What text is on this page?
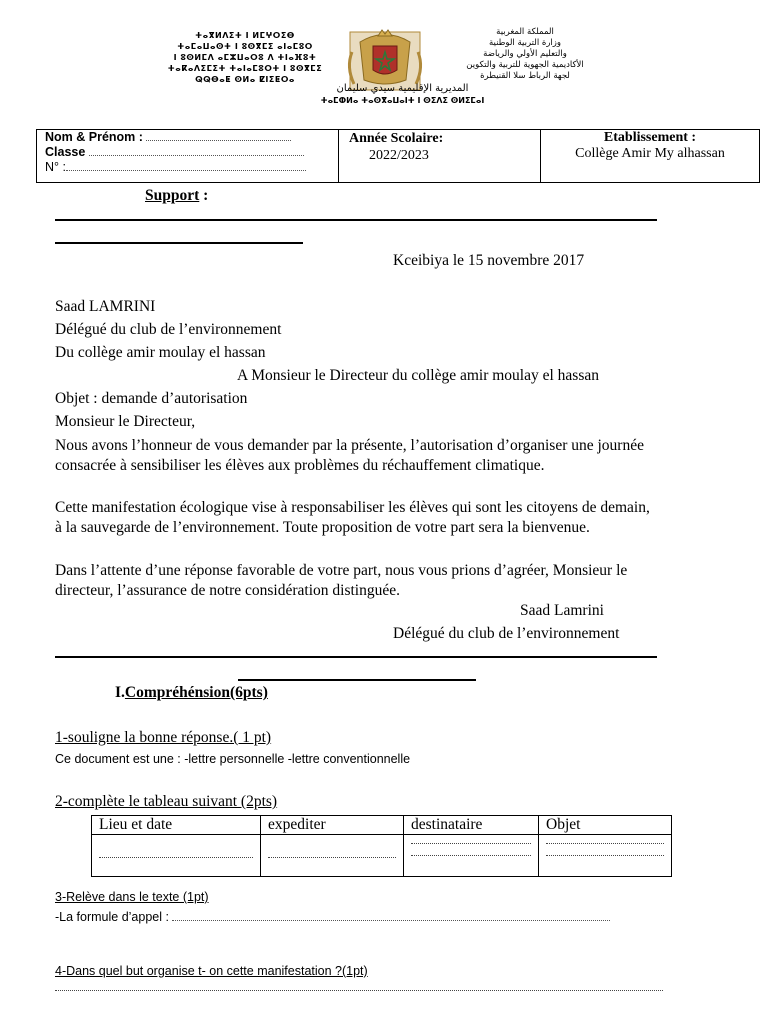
ⵜⴰⴳⵍⴷⵉⵜ ⵏ ⵍⵎⵖⵔⵉⴱ
ⵜⴰⵎⴰⵡⴰⵙⵜ ⵏ ⵓⵙⴳⵎⵉ ⴰⵏⴰⵎⵓⵔ
ⵏ ⵓⵙⵍⵎⴷ ⴰⵎⵣⵡⴰⵔⵓ ⴷ ⵜⵏⴰⴼⵓⵜ
ⵜⴰⴽⴰⴷⵉⵎⵉⵜ ⵜⴰⵏⴰⵎⵓⵔⵜ ⵏ ⵓⵙⴳⵎⵉ
ⵕⵕⴱⴰⵟ ⵙⵍⴰ ⵇⵏⵉⵟⵔⴰ
المملكة المغربية
وزارة التربية الوطنية
والتعليم الأولي والرياضة
الأكاديمية الجهوية للتربية والتكوين
لجهة الرباط سلا القنيطرة
المديرية الإقليمية سيدي سليمان
ⵜⴰⵎⵀⵍⴰ ⵜⴰⵙⴳⴰⵡⴰⵏⵜ ⵏ ⵙⵉⴷⵉ ⵙⵍⵉⵎⴰⵏ
Nom & Prénom :
Classe
N° :
Année Scolaire:
2022/2023
Etablissement :
Collège Amir My alhassan
Support :
Kceibiya le 15 novembre 2017
Saad LAMRINI
Délégué du club de l’environnement
Du collège amir moulay el hassan
A Monsieur le Directeur du collège amir moulay el hassan
Objet : demande d’autorisation
Monsieur le Directeur,
Nous avons l’honneur de vous demander par la présente, l’autorisation d’organiser une journée consacrée à sensibiliser les élèves aux problèmes du réchauffement climatique.
Cette manifestation écologique vise à responsabiliser les élèves qui sont les citoyens de demain, à la sauvegarde de l’environnement. Toute proposition de votre part sera la bienvenue.
Dans l’attente d’une réponse favorable de votre part, nous vous prions d’agréer, Monsieur le directeur, l’assurance de notre considération distinguée.
Saad Lamrini
Délégué du club de l’environnement
I.Compréhénsion(6pts)
1-souligne la bonne réponse.( 1 pt)
Ce document est une : -lettre personnelle -lettre conventionnelle
2-complète le tableau suivant (2pts)
Lieu et date	expediter	destinataire	Objet

3-Relève dans le texte (1pt)
-La formule d’appel :
4-Dans quel but organise t- on cette manifestation ?(1pt)
